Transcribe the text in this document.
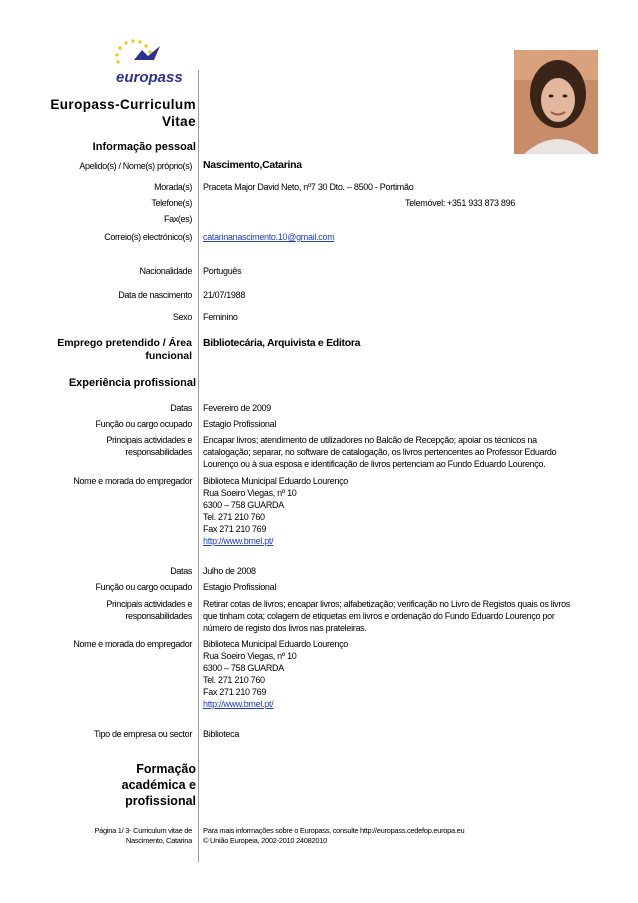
europass
Europass-Curriculum
Vitae
Informação pessoal
Apelido(s) / Nome(s) próprio(s) Nascimento,Catarina
Morada(s) Praceta Major David Neto, nº7 30 Dto. – 8500 - Portimão
Telefone(s)	Telemóvel: +351 933 873 896
Fax(es)
Correio(s) electrónico(s) catarinanascimento.10@gmail.com
Nacionalidade Português
Data de nascimento 21/07/1988
Sexo Feminino
Emprego pretendido / Área
funcional
Bibliotecária, Arquivista e Editora
Experiência profissional
Datas Fevereiro de 2009
Função ou cargo ocupado Estagio Profissional
Principais actividades e
responsabilidades
Encapar livros; atendimento de utilizadores no Balcão de Recepção; apoiar os técnicos na
catalogação; separar, no software de catalogação, os livros pertencentes ao Professor Eduardo
Lourenço ou à sua esposa e identificação de livros pertenciam ao Fundo Eduardo Lourenço.
Nome e morada do empregador Biblioteca Municipal Eduardo Lourenço
Rua Soeiro Viegas, nº 10
6300 – 758 GUARDA
Tel. 271 210 760
Fax 271 210 769
http://www.bmel.pt/
Datas Julho de 2008
Função ou cargo ocupado Estagio Profissional
Principais actividades e
responsabilidades
Retirar cotas de livros; encapar livros; alfabetização; verificação no Livro de Registos quais os livros
que tinham cota; colagem de etiquetas em livros e ordenação do Fundo Eduardo Lourenço por
número de registo dos livros nas prateleiras.
Nome e morada do empregador Biblioteca Municipal Eduardo Lourenço
Rua Soeiro Viegas, nº 10
6300 – 758 GUARDA
Tel. 271 210 760
Fax 271 210 769
http://www.bmel.pt/
Tipo de empresa ou sector Biblioteca
Formação
académica e
profissional
Página 1/ 3- Curriculum vitae de
Nascimento, Catarina
Para mais informações sobre o Europass, consulte http://europass.cedefop.europa.eu
© União Europeia, 2002-2010 24082010
